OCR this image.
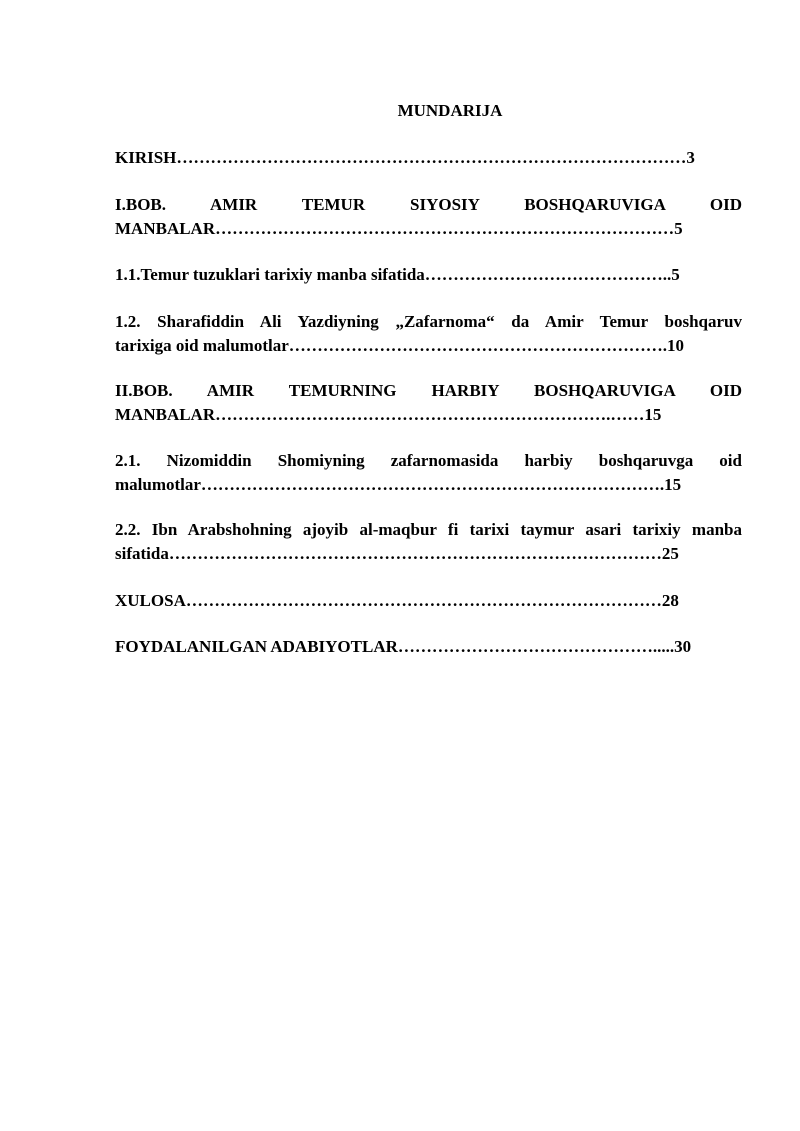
MUNDARIJA
KIRISH………………………………………………………………………………3
I.BOB. AMIR TEMUR SIYOSIY BOSHQARUVIGA OID
MANBALAR………………………………………………………………………5
1.1.Temur tuzuklari tarixiy manba sifatida……………………………………..5
1.2. Sharafiddin Ali Yazdiyning „Zafarnoma“ da Amir Temur boshqaruv
tarixiga oid malumotlar………………………………………………………….10
II.BOB. AMIR TEMURNING HARBIY BOSHQARUVIGA OID
MANBALAR…………………………………………………………….……15
2.1. Nizomiddin Shomiyning zafarnomasida harbiy boshqaruvga oid
malumotlar……………………………………………………………………….15
2.2. Ibn Arabshohning ajoyib al-maqbur fi tarixi taymur asari tarixiy manba
sifatida……………………………………………………………………………25
XULOSA…………………………………………………………………………28
FOYDALANILGAN ADABIYOTLAR……………………………………….....30
